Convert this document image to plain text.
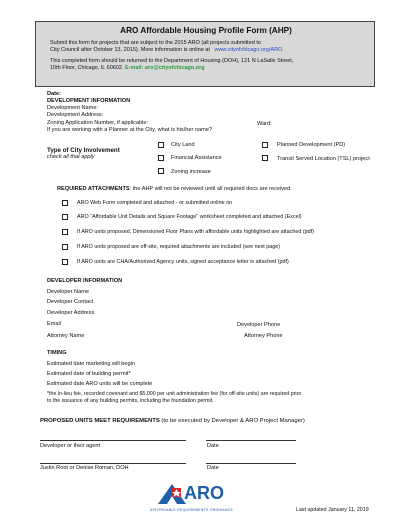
ARO Affordable Housing Profile Form (AHP)
Submit this form for projects that are subject to the 2015 ARO (all projects submitted to
City Council after October 13, 2015). More information is online at www.cityofchicago.org/ARO.
This completed form should be returned to the Department of Housing (DOH), 121 N LaSalle Street,
10th Floor, Chicago, IL 60602. E-mail: aro@cityofchicago.org
Date:
DEVELOPMENT INFORMATION
Development Name:
Development Address:
Zoning Application Number, if applicable:	Ward:
If you are working with a Planner at the City, what is his/her name?
Type of City Involvement
check all that apply
City Land
Financial Assistance
Zoning increase
Planned Development (PD)
Transit Served Location (TSL) project
REQUIRED ATTACHMENTS: the AHP will not be reviewed until all required docs are received
ARO Web Form completed and attached - or submitted online on
ARO "Affordable Unit Details and Square Footage" worksheet completed and attached (Excel)
If ARO units proposed, Dimensioned Floor Plans with affordable units highlighted are attached (pdf)
If ARO units proposed are off-site, required attachments are included (see next page)
If ARO units are CHA/Authorized Agency units, signed acceptance letter is attached (pdf)
DEVELOPER INFORMATION
Developer Name
Developer Contact
Developer Address
Email	Developer Phone
Attorney Name	Attorney Phone
TIMING
Estimated date marketing will begin
Estimated date of building permit*
Estimated date ARO units will be complete
*the in-lieu fee, recorded covenant and $5,000 per unit administration fee (for off-site units) are required prior
to the issuance of any building permits, including the foundation permit.
PROPOSED UNITS MEET REQUIREMENTS (to be executed by Developer & ARO Project Manager)
Developer or their agent	Date
Justin Root or Denise Roman, DOH	Date
ARO
AFFORDABLE REQUIREMENTS ORDINANCE	Last updated January 11, 2019
